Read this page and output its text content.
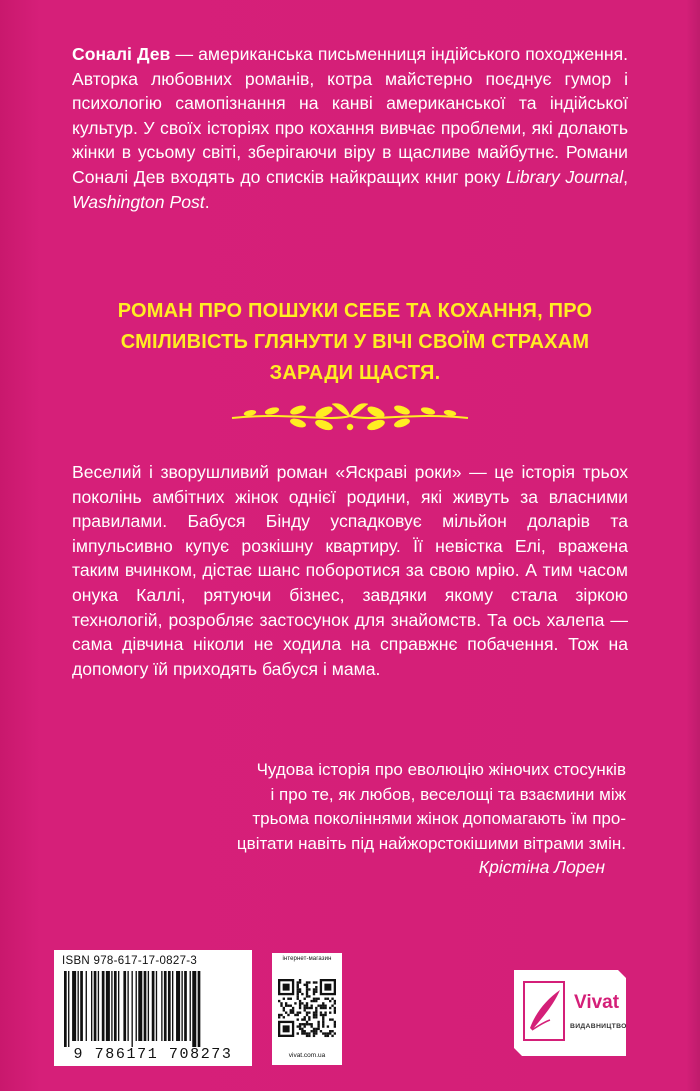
Сонaлі Дев — американська письменниця індійського походження. Авторка любовних романів, котра майстерно поєднує гумор і психологію самопізнання на канві американської та індійської культур. У своїх історіях про кохання вивчає проблеми, які долають жінки в усьому світі, зберігаючи віру в щасливе майбутнє. Романи Сонaлі Дев входять до списків найкращих книг року Library Journal, Washington Post.
РОМАН ПРО ПОШУКИ СЕБЕ ТА КОХАННЯ, ПРО
СМІЛИВІСТЬ ГЛЯНУТИ У ВІЧІ СВОЇМ СТРАХАМ
ЗАРАДИ ЩАСТЯ.

Веселий і зворушливий роман «Яскраві роки» — це історія трьох поколінь амбітних жінок однієї родини, які живуть за власними правилами. Бабуся Бінду успадковує мільйон доларів та імпульсивно купує розкішну квартиру. Її невістка Елі, вражена таким вчинком, дістає шанс поборотися за свою мрію. А тим часом онука Каллі, рятуючи бізнес, завдяки якому стала зіркою технологій, розробляє застосунок для знайомств. Та ось халепа — сама дівчина ніколи не ходила на справжнє побачення. Тож на допомогу їй приходять бабуся і мама.

Чудова історія про еволюцію жіночих стосунків
і про те, як любов, веселощі та взаємини між
трьома поколіннями жінок допомагають їм про-
цвітати навіть під найжорстокішими вітрами змін.
Крістіна Лорен
ISBN 978-617-17-0827-3
9 786171 708273
інтернет-магазин
vivat.com.ua
Vivat
ВИДАВНИЦТВО
